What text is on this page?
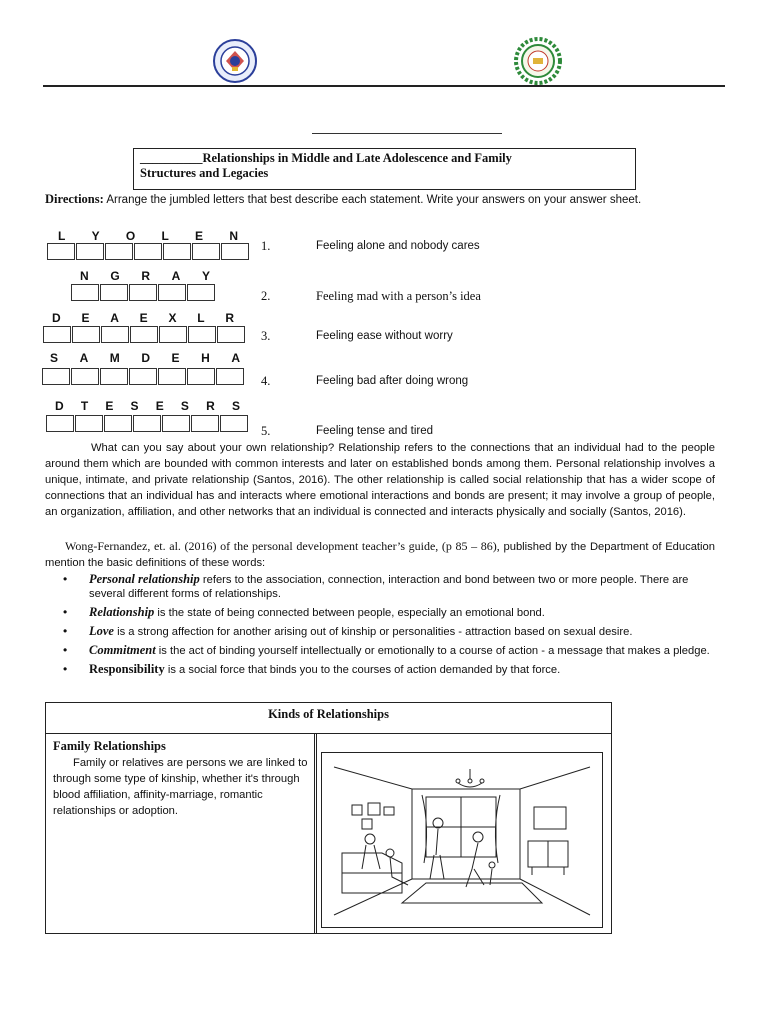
__________Relationships in Middle and Late Adolescence and Family
Structures and Legacies
Directions: Arrange the jumbled letters that best describe each statement. Write your answers on your answer sheet.
L Y O L E N
1.	Feeling alone and nobody cares
N G R A Y
2.	Feeling mad with a person’s idea
D E A E X L R
3.	Feeling ease without worry
S A M D E H A
4.	Feeling bad after doing wrong
D T E S E S R S
5.	Feeling tense and tired
What can you say about your own relationship? Relationship refers to the connections that an individual had to the people around them which are bounded with common interests and later on established bonds among them. Personal relationship involves a unique, intimate, and private relationship (Santos, 2016). The other relationship is called social relationship that has a wider scope of connections that an individual has and interacts where emotional interactions and bonds are present; it may involve a group of people, an organization, affiliation, and other networks that an individual is connected and interacts physically and socially (Santos, 2016).
Wong-Fernandez, et. al. (2016) of the personal development teacher’s guide, (p 85 – 86), published by the Department of Education mention the basic definitions of these words:
• Personal relationship refers to the association, connection, interaction and bond between two or more people. There are several different forms of relationships.
• Relationship is the state of being connected between people, especially an emotional bond.
• Love is a strong affection for another arising out of kinship or personalities - attraction based on sexual desire.
• Commitment is the act of binding yourself intellectually or emotionally to a course of action - a message that makes a pledge.
• Responsibility is a social force that binds you to the courses of action demanded by that force.
Kinds of Relationships
Family Relationships
Family or relatives are persons we are linked to through some type of kinship, whether it's through blood affiliation, affinity-marriage, romantic relationships or adoption.
